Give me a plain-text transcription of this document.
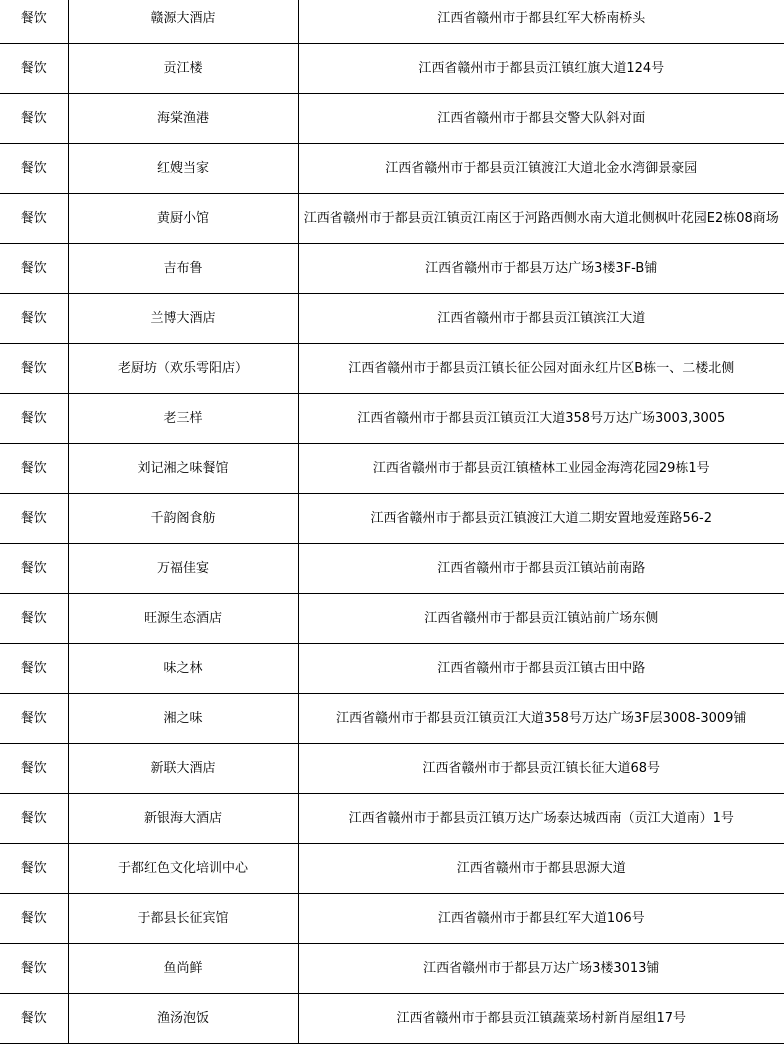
餐饮	赣源大酒店	江西省赣州市于都县红军大桥南桥头
餐饮	贡江楼	江西省赣州市于都县贡江镇红旗大道124号
餐饮	海棠渔港	江西省赣州市于都县交警大队斜对面
餐饮	红嫂当家	江西省赣州市于都县贡江镇渡江大道北金水湾御景豪园
餐饮	黄厨小馆	江西省赣州市于都县贡江镇贡江南区于河路西侧水南大道北侧枫叶花园E2栋08商场
餐饮	吉布鲁	江西省赣州市于都县万达广场3楼3F-B铺
餐饮	兰博大酒店	江西省赣州市于都县贡江镇滨江大道
餐饮	老厨坊（欢乐雩阳店）	江西省赣州市于都县贡江镇长征公园对面永红片区B栋一、二楼北侧
餐饮	老三样	江西省赣州市于都县贡江镇贡江大道358号万达广场3003,3005
餐饮	刘记湘之味餐馆	江西省赣州市于都县贡江镇楂林工业园金海湾花园29栋1号
餐饮	千韵阁食舫	江西省赣州市于都县贡江镇渡江大道二期安置地爱莲路56-2
餐饮	万福佳宴	江西省赣州市于都县贡江镇站前南路
餐饮	旺源生态酒店	江西省赣州市于都县贡江镇站前广场东侧
餐饮	味之林	江西省赣州市于都县贡江镇古田中路
餐饮	湘之味	江西省赣州市于都县贡江镇贡江大道358号万达广场3F层3008-3009铺
餐饮	新联大酒店	江西省赣州市于都县贡江镇长征大道68号
餐饮	新银海大酒店	江西省赣州市于都县贡江镇万达广场泰达城西南（贡江大道南）1号
餐饮	于都红色文化培训中心	江西省赣州市于都县思源大道
餐饮	于都县长征宾馆	江西省赣州市于都县红军大道106号
餐饮	鱼尚鲜	江西省赣州市于都县万达广场3楼3013铺
餐饮	渔汤泡饭	江西省赣州市于都县贡江镇蔬菜场村新肖屋组17号
